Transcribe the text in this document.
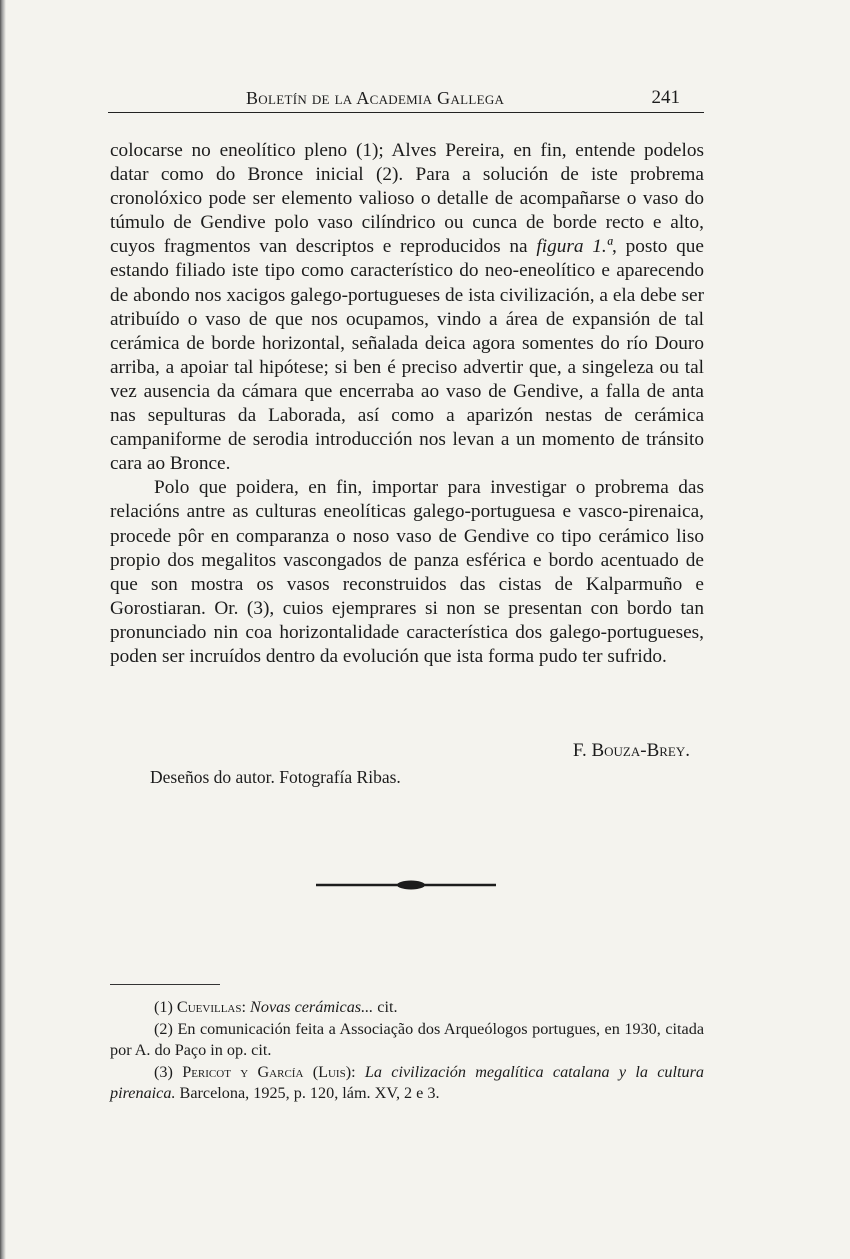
Boletín de la Academia Gallega	241

colocarse no eneolítico pleno (1); Alves Pereira, en fin, entende podelos datar como do Bronce inicial (2). Para a solución de iste probrema cronolóxico pode ser elemento valioso o detalle de acompañarse o vaso do túmulo de Gendive polo vaso cilíndrico ou cunca de borde recto e alto, cuyos fragmentos van descriptos e reproducidos na figura 1.ª, posto que estando filiado iste tipo como característico do neo-eneolítico e aparecendo de abondo nos xacigos galego-portugueses de ista civilización, a ela debe ser atribuído o vaso de que nos ocupamos, vindo a área de expansión de tal cerámica de borde horizontal, señalada deica agora somentes do río Douro arriba, a apoiar tal hipótese; si ben é preciso advertir que, a singeleza ou tal vez ausencia da cámara que encerraba ao vaso de Gendive, a falla de anta nas sepulturas da Laborada, así como a aparizón nestas de cerámica campaniforme de serodia introducción nos levan a un momento de tránsito cara ao Bronce.

Polo que poidera, en fin, importar para investigar o probrema das relacións antre as culturas eneolíticas galego-portuguesa e vasco-pirenaica, procede pôr en comparanza o noso vaso de Gendive co tipo cerámico liso propio dos megalitos vascongados de panza esférica e bordo acentuado de que son mostra os vasos reconstruidos das cistas de Kalparmuño e Gorostiaran. Or. (3), cuios ejemprares si non se presentan con bordo tan pronunciado nin coa horizontalidade característica dos galego-portugueses, poden ser incruídos dentro da evolución que ista forma pudo ter sufrido.

F. Bouza-Brey.
Deseños do autor. Fotografía Ribas.

(1) Cuevillas: Novas cerámicas... cit.

(2) En comunicación feita a Associação dos Arqueólogos portugues, en 1930, citada por A. do Paço in op. cit.

(3) Pericot y García (Luis): La civilización megalítica catalana y la cultura pirenaica. Barcelona, 1925, p. 120, lám. XV, 2 e 3.
